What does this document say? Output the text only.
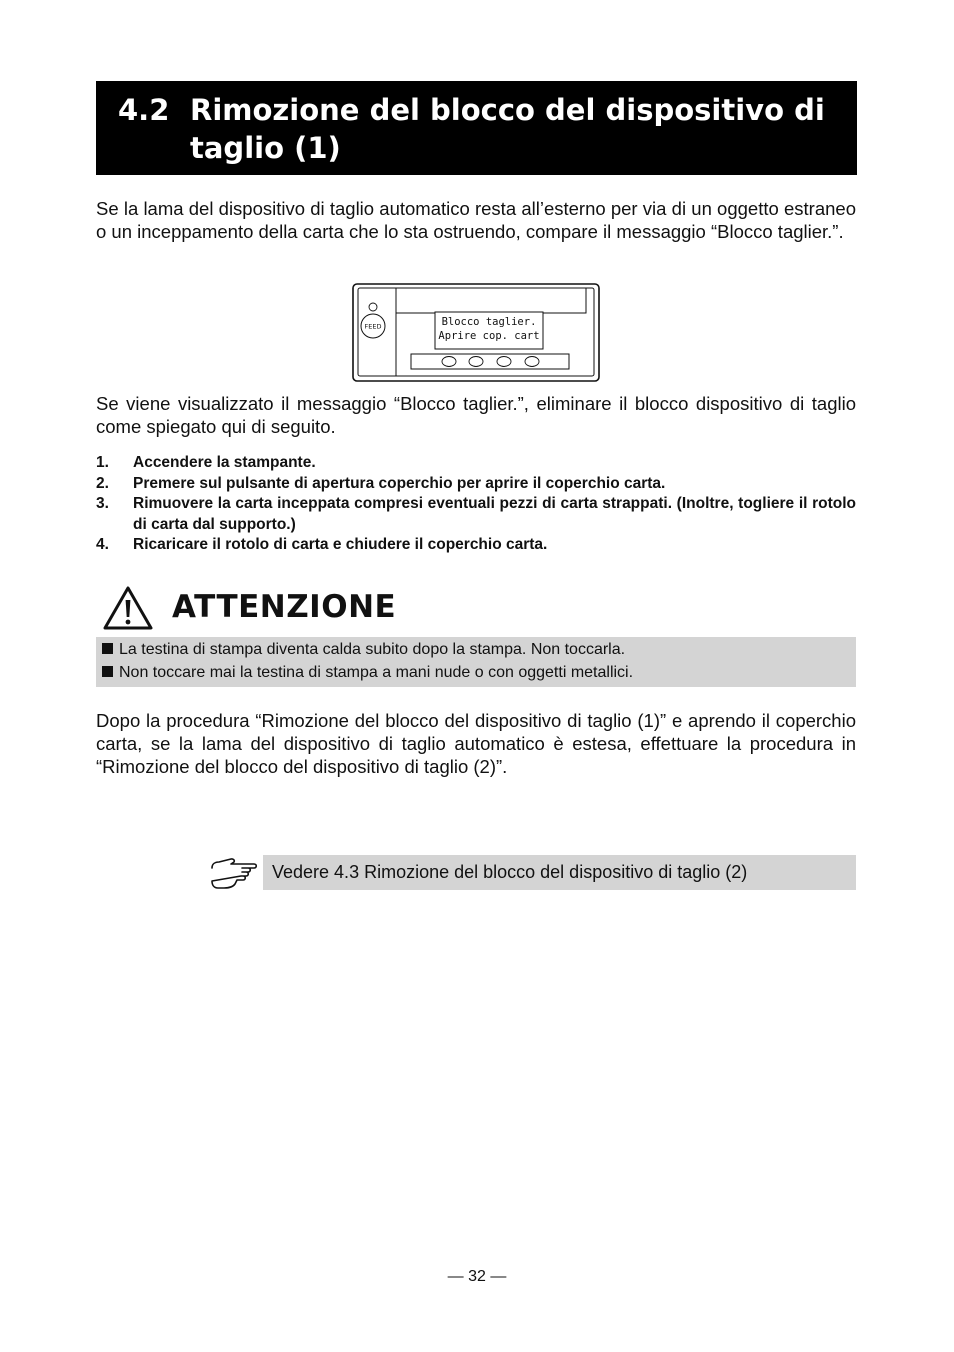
4.2 Rimozione del blocco del dispositivo di taglio (1)

Se la lama del dispositivo di taglio automatico resta all’esterno per via di un oggetto estraneo o un inceppamento della carta che lo sta ostruendo, compare il messaggio “Blocco taglier.”.

FEED	Blocco taglier.
Aprire cop. cart

Se viene visualizzato il messaggio “Blocco taglier.”, eliminare il blocco dispositivo di taglio come spiegato qui di seguito.

1. Accendere la stampante.
2. Premere sul pulsante di apertura coperchio per aprire il coperchio carta.
3. Rimuovere la carta inceppata compresi eventuali pezzi di carta strappati. (Inoltre, togliere il rotolo di carta dal supporto.)
4. Ricaricare il rotolo di carta e chiudere il coperchio carta.
ATTENZIONE
La testina di stampa diventa calda subito dopo la stampa. Non toccarla.
Non toccare mai la testina di stampa a mani nude o con oggetti metallici.

Dopo la procedura “Rimozione del blocco del dispositivo di taglio (1)” e aprendo il coperchio carta, se la lama del dispositivo di taglio automatico è estesa, effettuare la procedura in “Rimozione del blocco del dispositivo di taglio (2)”.

Vedere 4.3 Rimozione del blocco del dispositivo di taglio (2)
— 32 —
